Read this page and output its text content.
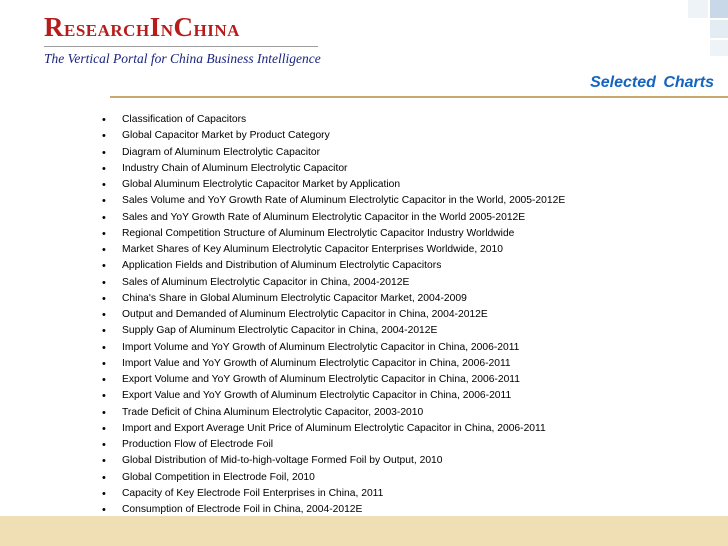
RESEARCHINCHINA
The Vertical Portal for China Business Intelligence
Selected Charts
• Classification of Capacitors
• Global Capacitor Market by Product Category
• Diagram of Aluminum Electrolytic Capacitor
• Industry Chain of Aluminum Electrolytic Capacitor
• Global Aluminum Electrolytic Capacitor Market by Application
• Sales Volume and YoY Growth Rate of Aluminum Electrolytic Capacitor in the World, 2005-2012E
• Sales and YoY Growth Rate of Aluminum Electrolytic Capacitor in the World 2005-2012E
• Regional Competition Structure of Aluminum Electrolytic Capacitor Industry Worldwide
• Market Shares of Key Aluminum Electrolytic Capacitor Enterprises Worldwide, 2010
• Application Fields and Distribution of Aluminum Electrolytic Capacitors
• Sales of Aluminum Electrolytic Capacitor in China, 2004-2012E
• China's Share in Global Aluminum Electrolytic Capacitor Market, 2004-2009
• Output and Demanded of Aluminum Electrolytic Capacitor in China, 2004-2012E
• Supply Gap of Aluminum Electrolytic Capacitor in China, 2004-2012E
• Import Volume and YoY Growth of Aluminum Electrolytic Capacitor in China, 2006-2011
• Import Value and YoY Growth of Aluminum Electrolytic Capacitor in China, 2006-2011
• Export Volume and YoY Growth of Aluminum Electrolytic Capacitor in China, 2006-2011
• Export Value and YoY Growth of Aluminum Electrolytic Capacitor in China, 2006-2011
• Trade Deficit of China Aluminum Electrolytic Capacitor, 2003-2010
• Import and Export Average Unit Price of Aluminum Electrolytic Capacitor in China, 2006-2011
• Production Flow of Electrode Foil
• Global Distribution of Mid-to-high-voltage Formed Foil by Output, 2010
• Global Competition in Electrode Foil, 2010
• Capacity of Key Electrode Foil Enterprises in China, 2011
• Consumption of Electrode Foil in China, 2004-2012E
